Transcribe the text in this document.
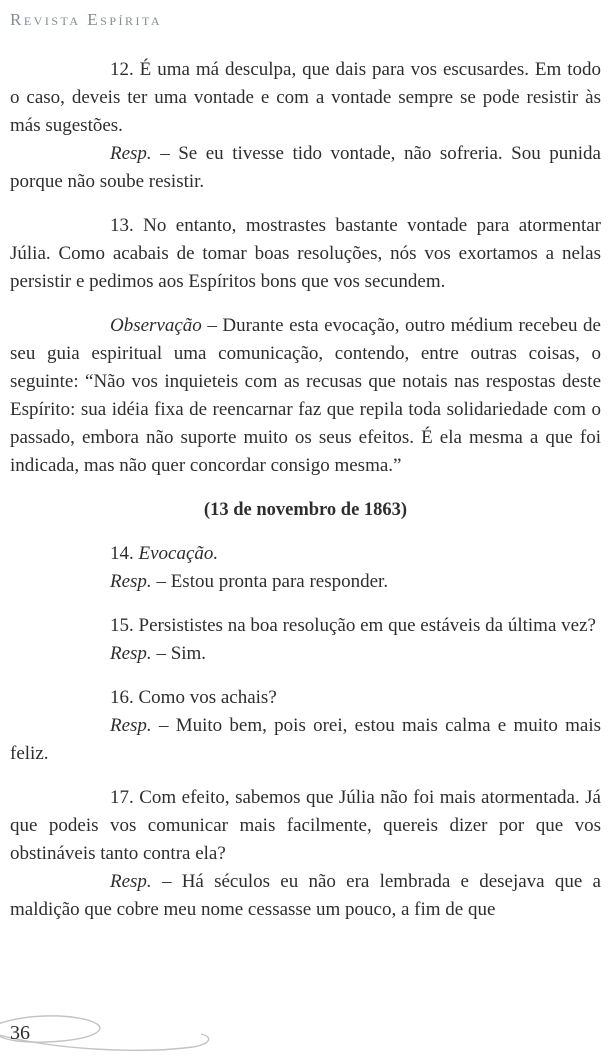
Revista Espírita

12. É uma má desculpa, que dais para vos escusardes. Em todo o caso, deveis ter uma vontade e com a vontade sempre se pode resistir às más sugestões.

Resp. – Se eu tivesse tido vontade, não sofreria. Sou punida porque não soube resistir.

13. No entanto, mostrastes bastante vontade para atormentar Júlia. Como acabais de tomar boas resoluções, nós vos exortamos a nelas persistir e pedimos aos Espíritos bons que vos secundem.

Observação – Durante esta evocação, outro médium recebeu de seu guia espiritual uma comunicação, contendo, entre outras coisas, o seguinte: “Não vos inquieteis com as recusas que notais nas respostas deste Espírito: sua idéia fixa de reencarnar faz que repila toda solidariedade com o passado, embora não suporte muito os seus efeitos. É ela mesma a que foi indicada, mas não quer concordar consigo mesma.”

(13 de novembro de 1863)

14. Evocação.

Resp. – Estou pronta para responder.

15. Persististes na boa resolução em que estáveis da última vez?

Resp. – Sim.

16. Como vos achais?

Resp. – Muito bem, pois orei, estou mais calma e muito mais feliz.

17. Com efeito, sabemos que Júlia não foi mais atormentada. Já que podeis vos comunicar mais facilmente, quereis dizer por que vos obstináveis tanto contra ela?

Resp. – Há séculos eu não era lembrada e desejava que a maldição que cobre meu nome cessasse um pouco, a fim de que

36
